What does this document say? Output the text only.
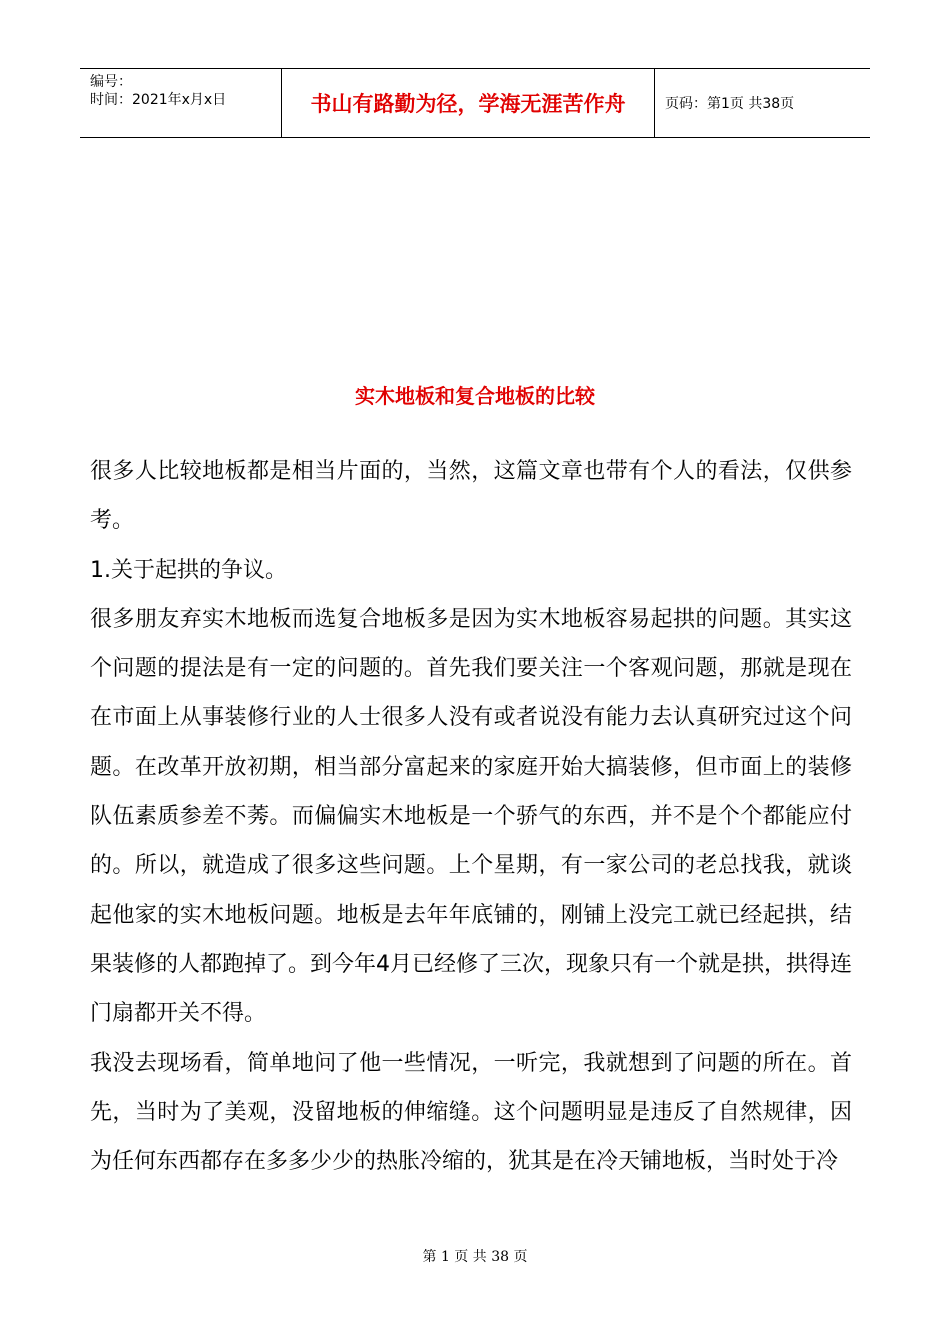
编号：
时间：2021年x月x日	书山有路勤为径，学海无涯苦作舟	页码：第1页 共38页
实木地板和复合地板的比较

很多人比较地板都是相当片面的，当然，这篇文章也带有个人的看法，仅供参考。

1.关于起拱的争议。

很多朋友弃实木地板而选复合地板多是因为实木地板容易起拱的问题。其实这个问题的提法是有一定的问题的。首先我们要关注一个客观问题，那就是现在在市面上从事装修行业的人士很多人没有或者说没有能力去认真研究过这个问题。在改革开放初期，相当部分富起来的家庭开始大搞装修，但市面上的装修队伍素质参差不莠。而偏偏实木地板是一个骄气的东西，并不是个个都能应付的。所以，就造成了很多这些问题。上个星期，有一家公司的老总找我，就谈起他家的实木地板问题。地板是去年年底铺的，刚铺上没完工就已经起拱，结果装修的人都跑掉了。到今年4月已经修了三次，现象只有一个就是拱，拱得连门扇都开关不得。

我没去现场看，简单地问了他一些情况，一听完，我就想到了问题的所在。首先，当时为了美观，没留地板的伸缩缝。这个问题明显是违反了自然规律，因为任何东西都存在多多少少的热胀冷缩的，犹其是在冷天铺地板，当时处于冷

第 1 页 共 38 页
